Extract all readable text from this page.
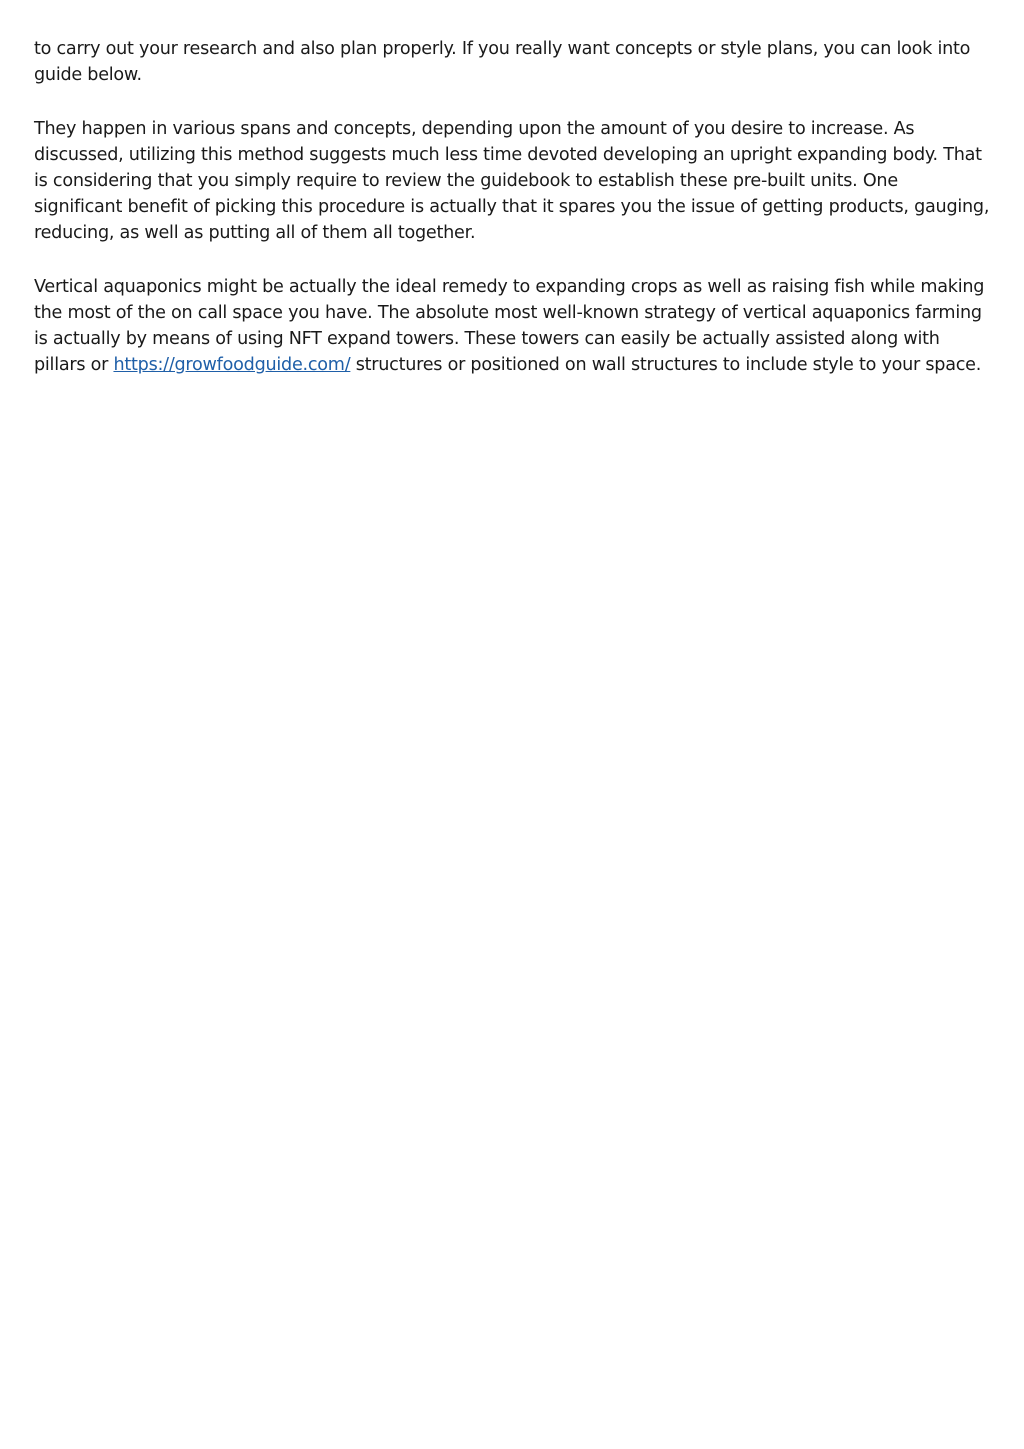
to carry out your research and also plan properly. If you really want concepts or style plans, you can look into guide below.

They happen in various spans and concepts, depending upon the amount of you desire to increase. As discussed, utilizing this method suggests much less time devoted developing an upright expanding body. That is considering that you simply require to review the guidebook to establish these pre-built units. One significant benefit of picking this procedure is actually that it spares you the issue of getting products, gauging, reducing, as well as putting all of them all together.

Vertical aquaponics might be actually the ideal remedy to expanding crops as well as raising fish while making the most of the on call space you have. The absolute most well-known strategy of vertical aquaponics farming is actually by means of using NFT expand towers. These towers can easily be actually assisted along with pillars or https://growfoodguide.com/ structures or positioned on wall structures to include style to your space.
